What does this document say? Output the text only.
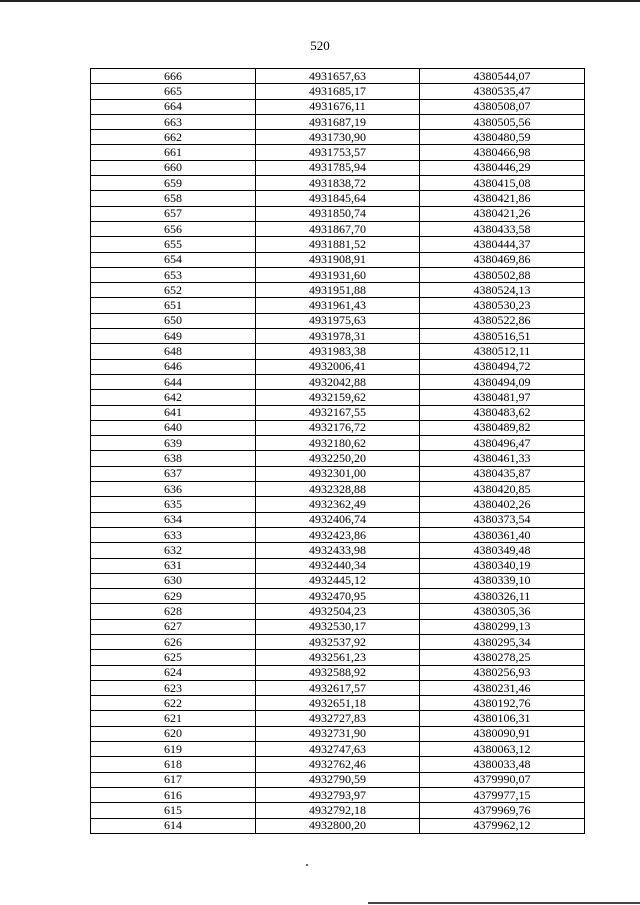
520
666	4931657,63	4380544,07
665	4931685,17	4380535,47
664	4931676,11	4380508,07
663	4931687,19	4380505,56
662	4931730,90	4380480,59
661	4931753,57	4380466,98
660	4931785,94	4380446,29
659	4931838,72	4380415,08
658	4931845,64	4380421,86
657	4931850,74	4380421,26
656	4931867,70	4380433,58
655	4931881,52	4380444,37
654	4931908,91	4380469,86
653	4931931,60	4380502,88
652	4931951,88	4380524,13
651	4931961,43	4380530,23
650	4931975,63	4380522,86
649	4931978,31	4380516,51
648	4931983,38	4380512,11
646	4932006,41	4380494,72
644	4932042,88	4380494,09
642	4932159,62	4380481,97
641	4932167,55	4380483,62
640	4932176,72	4380489,82
639	4932180,62	4380496,47
638	4932250,20	4380461,33
637	4932301,00	4380435,87
636	4932328,88	4380420,85
635	4932362,49	4380402,26
634	4932406,74	4380373,54
633	4932423,86	4380361,40
632	4932433,98	4380349,48
631	4932440,34	4380340,19
630	4932445,12	4380339,10
629	4932470,95	4380326,11
628	4932504,23	4380305,36
627	4932530,17	4380299,13
626	4932537,92	4380295,34
625	4932561,23	4380278,25
624	4932588,92	4380256,93
623	4932617,57	4380231,46
622	4932651,18	4380192,76
621	4932727,83	4380106,31
620	4932731,90	4380090,91
619	4932747,63	4380063,12
618	4932762,46	4380033,48
617	4932790,59	4379990,07
616	4932793,97	4379977,15
615	4932792,18	4379969,76
614	4932800,20	4379962,12
